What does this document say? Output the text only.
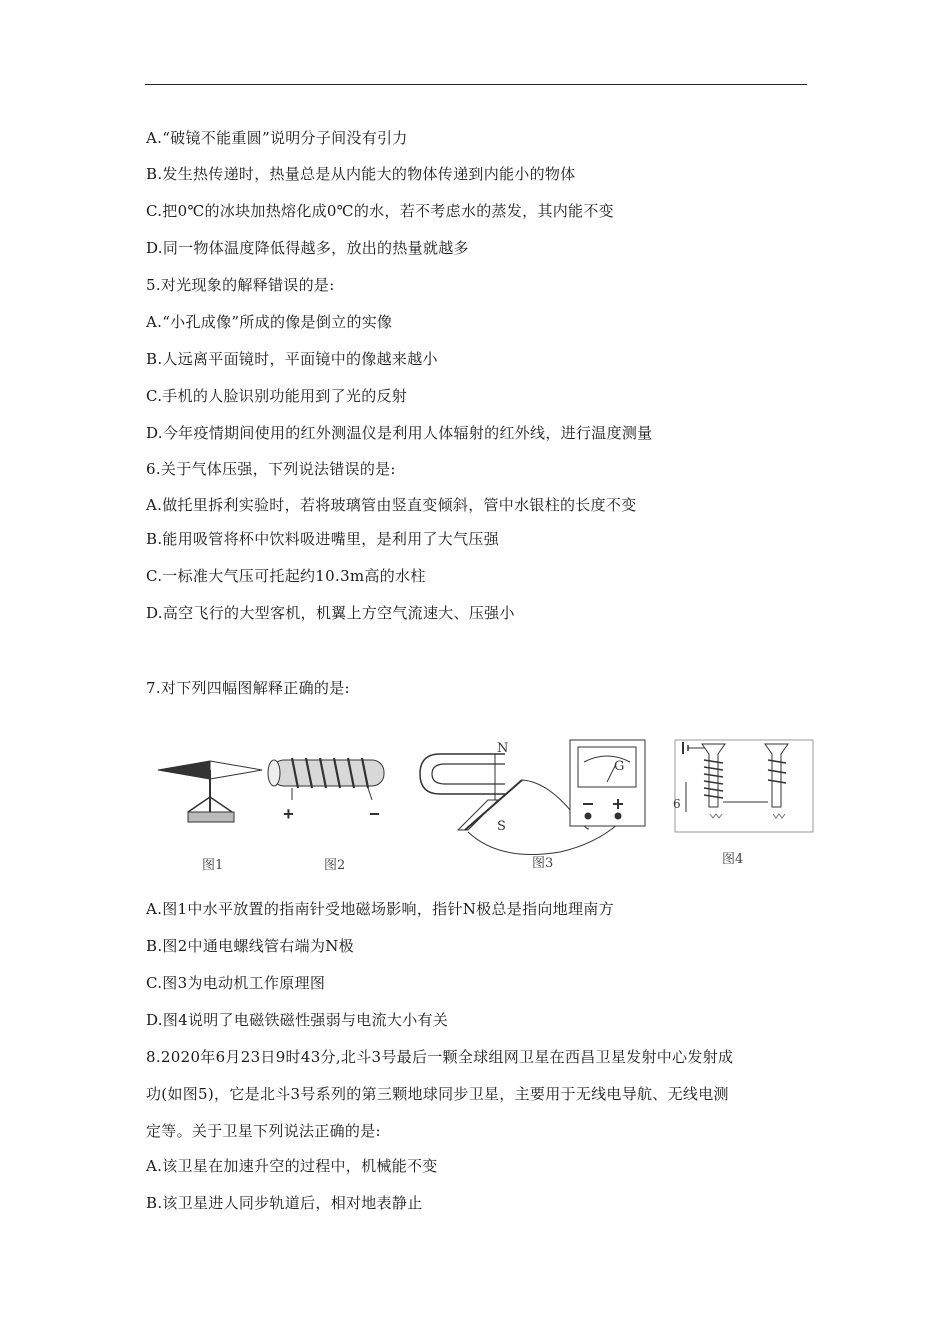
A.“破镜不能重圆”说明分子间没有引力
B.发生热传递时，热量总是从内能大的物体传递到内能小的物体
C.把0℃的冰块加热熔化成0℃的水，若不考虑水的蒸发，其内能不变
D.同一物体温度降低得越多，放出的热量就越多
5.对光现象的解释错误的是:
A.“小孔成像”所成的像是倒立的实像
B.人远离平面镜时，平面镜中的像越来越小
C.手机的人脸识别功能用到了光的反射
D.今年疫情期间使用的红外测温仪是利用人体辐射的红外线，进行温度测量
6.关于气体压强，下列说法错误的是:
A.做托里拆利实验时，若将玻璃管由竖直变倾斜，管中水银柱的长度不变
B.能用吸管将杯中饮料吸进嘴里，是利用了大气压强
C.一标准大气压可托起约10.3m高的水柱
D.高空飞行的大型客机，机翼上方空气流速大、压强小
7.对下列四幅图解释正确的是:
+	−
N
S
G
6
图1	图2	图3	图4
A.图1中水平放置的指南针受地磁场影响，指针N极总是指向地理南方
B.图2中通电螺线管右端为N极
C.图3为电动机工作原理图
D.图4说明了电磁铁磁性强弱与电流大小有关
8.2020年6月23日9时43分,北斗3号最后一颗全球组网卫星在西昌卫星发射中心发射成
功(如图5)，它是北斗3号系列的第三颗地球同步卫星，主要用于无线电导航、无线电测
定等。关于卫星下列说法正确的是:
A.该卫星在加速升空的过程中，机械能不变
B.该卫星进人同步轨道后，相对地表静止
